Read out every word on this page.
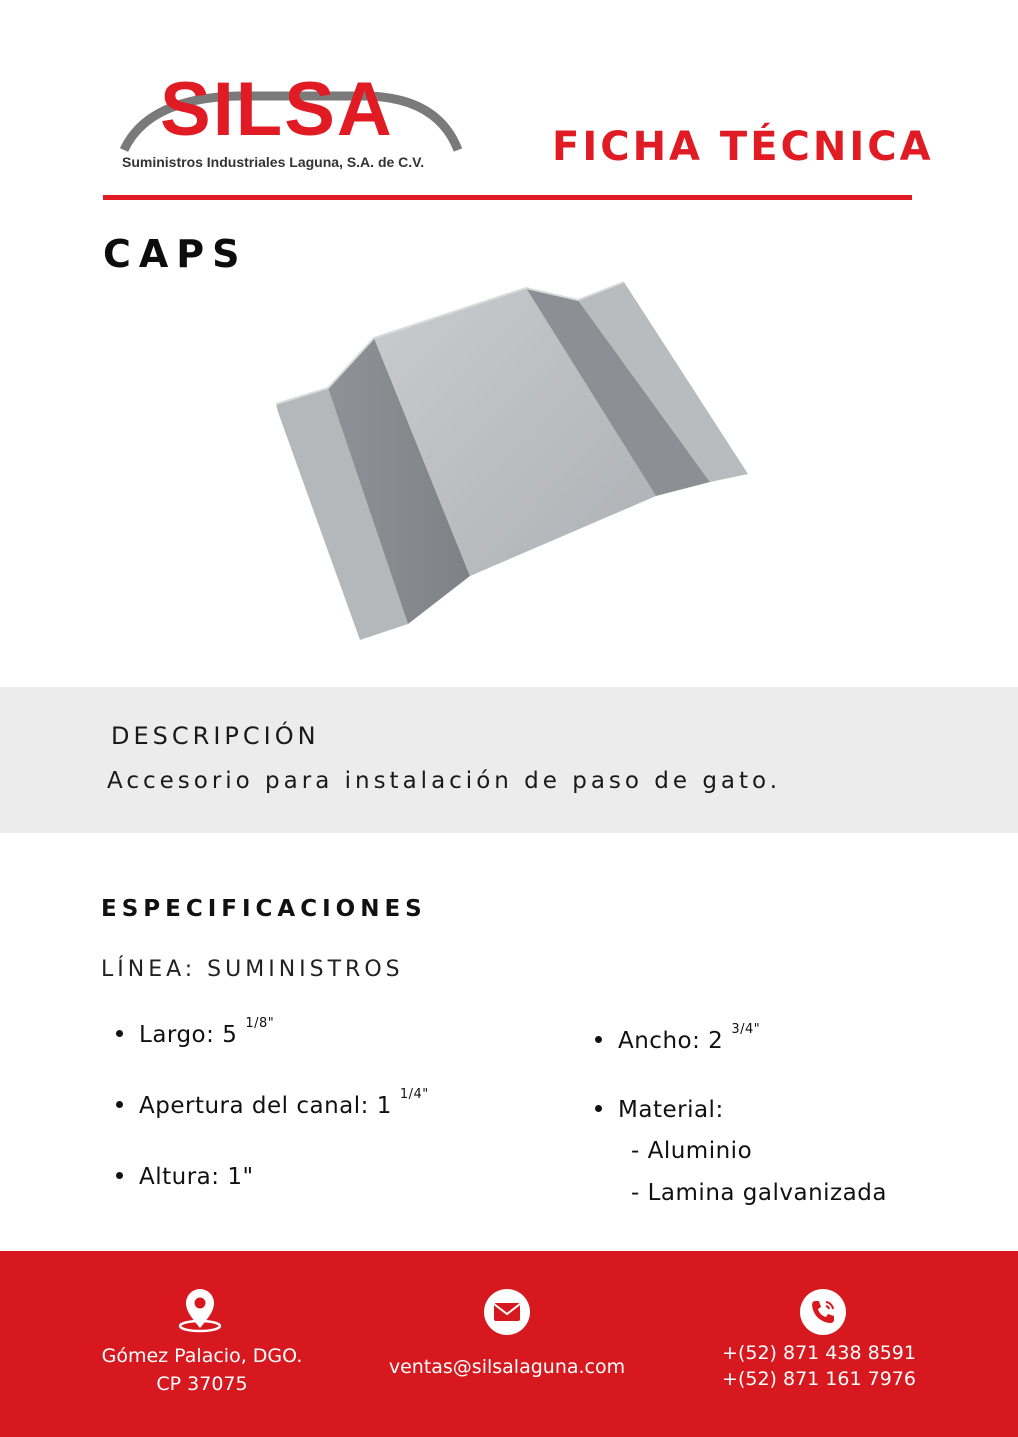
SILSA
Suministros Industriales Laguna, S.A. de C.V.	FICHA TÉCNICA
CAPS
DESCRIPCIÓN
Accesorio para instalación de paso de gato.
ESPECIFICACIONES
LÍNEA: SUMINISTROS
Largo: 5 $^{1/8"}$
Apertura del canal: 1 $^{1/4"}$
Altura: 1"
Ancho: 2 $^{3/4"}$
Material:
- Aluminio
- Lamina galvanizada
Gómez Palacio, DGO.
CP 37075
ventas@silsalaguna.com
+(52) 871 438 8591
+(52) 871 161 7976
